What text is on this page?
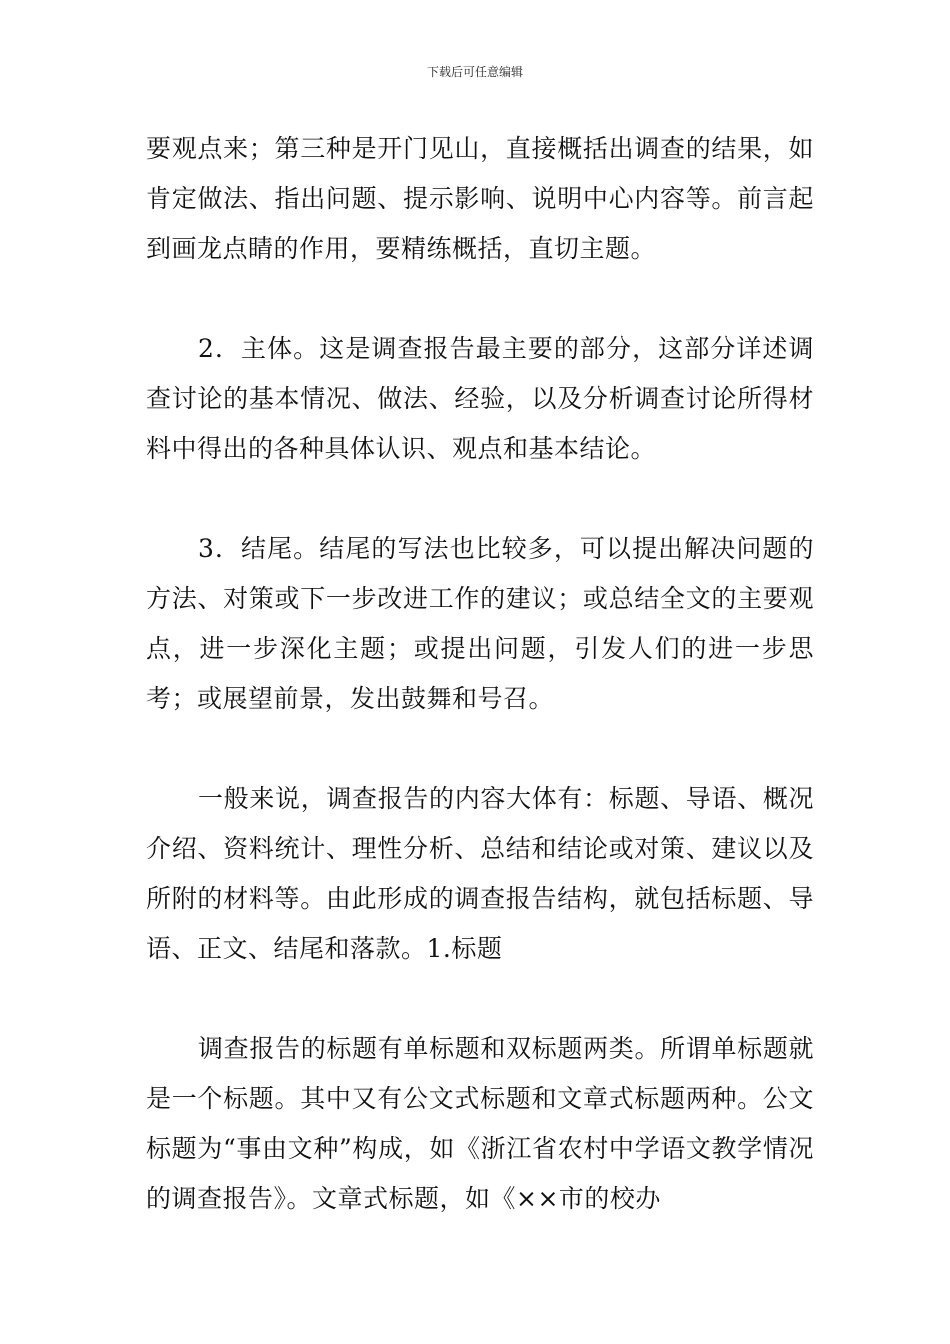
下载后可任意编辑

要观点来；第三种是开门见山，直接概括出调查的结果，如肯定做法、指出问题、提示影响、说明中心内容等。前言起到画龙点睛的作用，要精练概括，直切主题。

2．主体。这是调查报告最主要的部分，这部分详述调查讨论的基本情况、做法、经验，以及分析调查讨论所得材料中得出的各种具体认识、观点和基本结论。

3．结尾。结尾的写法也比较多，可以提出解决问题的方法、对策或下一步改进工作的建议；或总结全文的主要观点，进一步深化主题；或提出问题，引发人们的进一步思考；或展望前景，发出鼓舞和号召。

一般来说，调查报告的内容大体有：标题、导语、概况介绍、资料统计、理性分析、总结和结论或对策、建议以及所附的材料等。由此形成的调查报告结构，就包括标题、导语、正文、结尾和落款。1.标题

调查报告的标题有单标题和双标题两类。所谓单标题就是一个标题。其中又有公文式标题和文章式标题两种。公文标题为“事由文种”构成，如《浙江省农村中学语文教学情况的调查报告》。文章式标题，如《××市的校办
